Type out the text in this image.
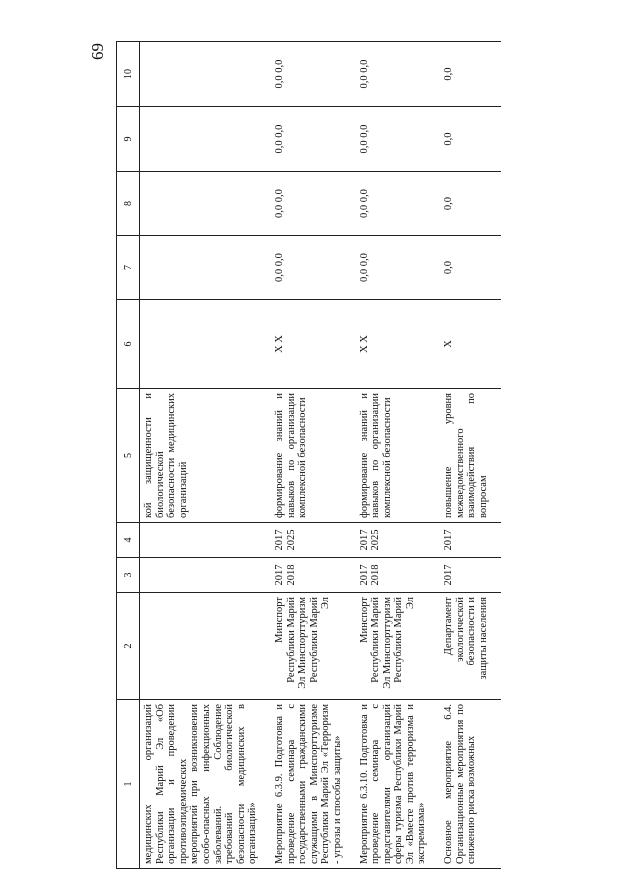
69
1	2	3	4	5	6	7	8	9	10
медицинских организаций Республики Марий Эл «Об организации и проведении противоэпидемических мероприятий при возникновении особо-опасных инфекционных заболеваний. Соблюдение требований биологической безопасности медицинских в организаций»				кой защищенности и биологической безопасности медицинских организаций					
Мероприятие 6.3.9. Подготовка и проведение семинара с государственными гражданскими служащими в Минспорттуризме Республики Марий Эл «Терроризм - угрозы и способы защиты»	Минспорт Республики Марий Эл Минспорттуризм Республики Марий Эл	2017 2018	2017 2025	формирование знаний и навыков по организации комплексной безопасности	X X	0,0 0,0	0,0 0,0	0,0 0,0	0,0 0,0
Мероприятие 6.3.10. Подготовка и проведение семинара с представителями организаций сферы туризма Республики Марий Эл «Вместе против терроризма и экстремизма»	Минспорт Республики Марий Эл Минспорттуризм Республики Марий Эл	2017 2018	2017 2025	формирование знаний и навыков по организации комплексной безопасности	X X	0,0 0,0	0,0 0,0	0,0 0,0	0,0 0,0
Основное мероприятие 6.4. Организационные мероприятия по снижению риска возможных	Департамент экологической безопасности и защиты населения	2017	2017	повышение уровня межведомственного взаимодействия по вопросам	X	0,0	0,0	0,0	0,0
